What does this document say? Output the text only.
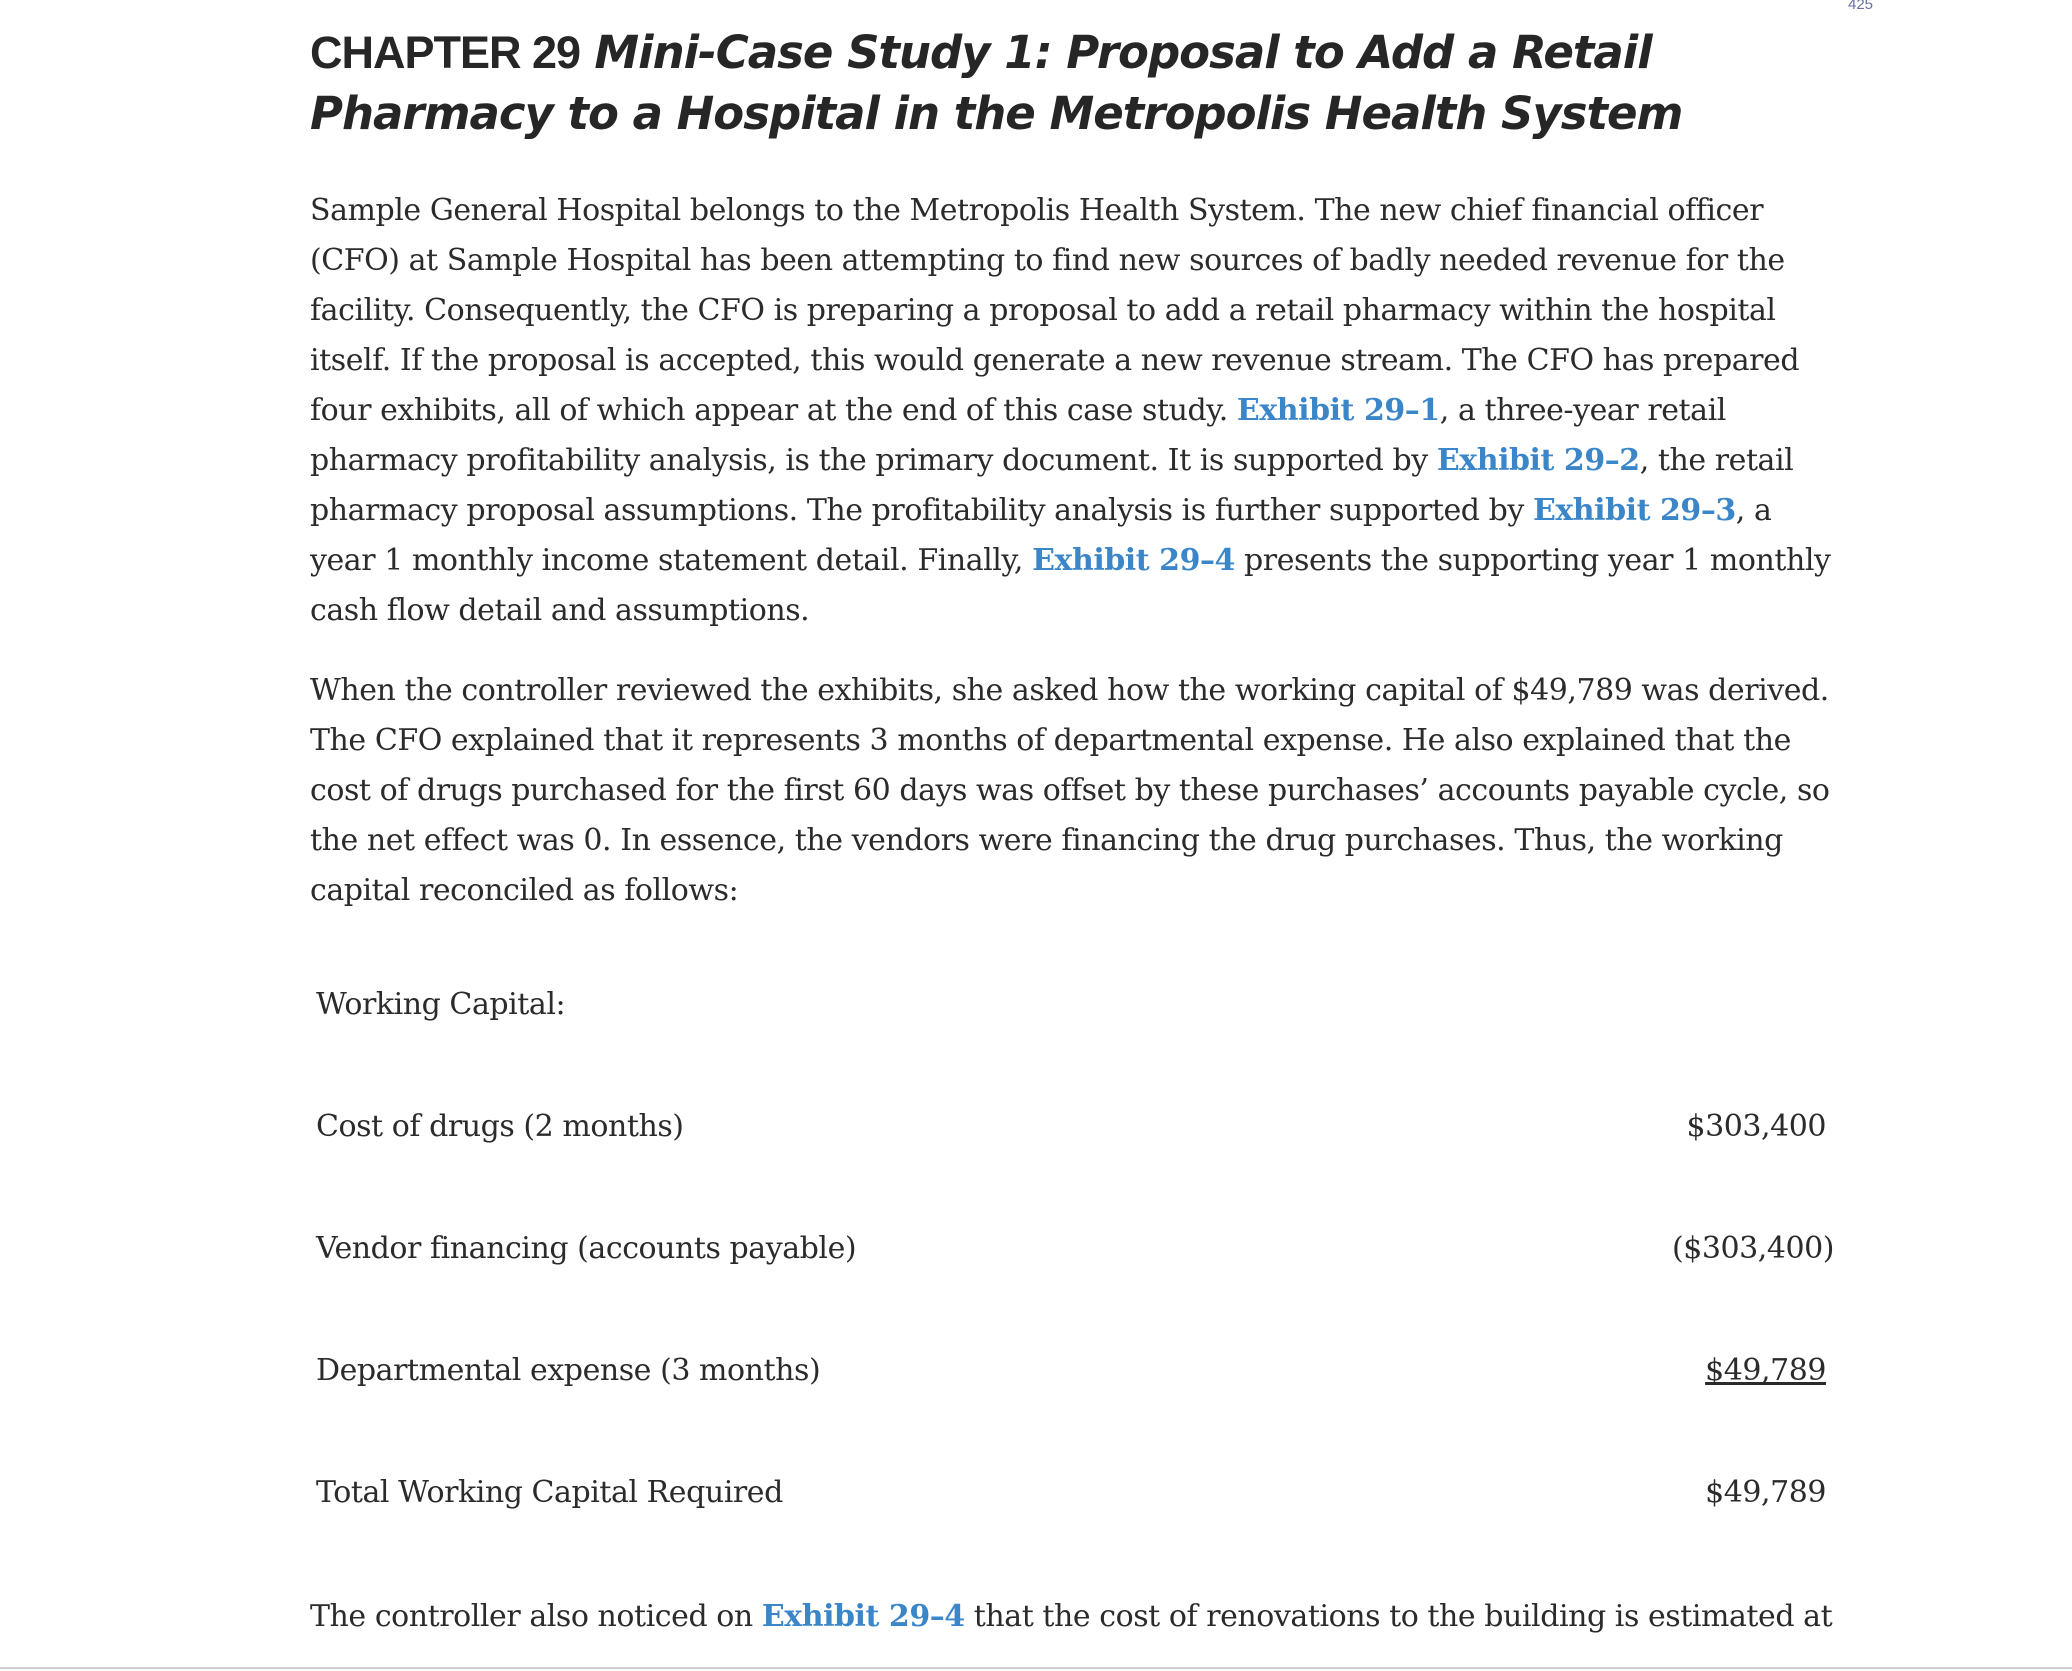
425
CHAPTER 29 Mini-Case Study 1: Proposal to Add a Retail
Pharmacy to a Hospital in the Metropolis Health System

Sample General Hospital belongs to the Metropolis Health System. The new chief financial officer (CFO) at Sample Hospital has been attempting to find new sources of badly needed revenue for the facility. Consequently, the CFO is preparing a proposal to add a retail pharmacy within the hospital itself. If the proposal is accepted, this would generate a new revenue stream. The CFO has prepared four exhibits, all of which appear at the end of this case study. Exhibit 29–1, a three-year retail pharmacy profitability analysis, is the primary document. It is supported by Exhibit 29–2, the retail pharmacy proposal assumptions. The profitability analysis is further supported by Exhibit 29–3, a year 1 monthly income statement detail. Finally, Exhibit 29–4 presents the supporting year 1 monthly cash flow detail and assumptions.

When the controller reviewed the exhibits, she asked how the working capital of $49,789 was derived. The CFO explained that it represents 3 months of departmental expense. He also explained that the cost of drugs purchased for the first 60 days was offset by these purchases’ accounts payable cycle, so the net effect was 0. In essence, the vendors were financing the drug purchases. Thus, the working capital reconciled as follows:

Working Capital:
Cost of drugs (2 months)	$303,400
Vendor financing (accounts payable)	($303,400)
Departmental expense (3 months)	$49,789
Total Working Capital Required	$49,789

The controller also noticed on Exhibit 29–4 that the cost of renovations to the building is estimated at
